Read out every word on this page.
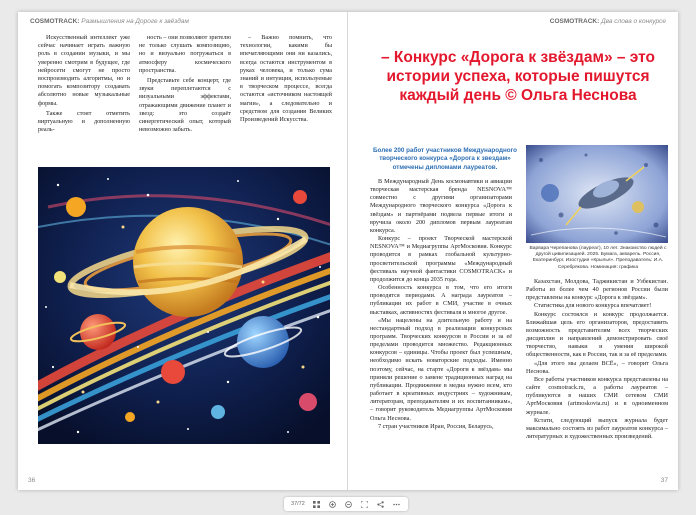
COSMOTRACK: Размышления на Дороге к звёздам

Искусственный интеллект уже сейчас начинает играть важную роль в создании музыки, и мы уверенно смотрим в будущее, где нейросети смогут не просто воспроизводить алгоритмы, но и помогать композитору создавать абсолютно новые музыкальные формы.

Также стоит отметить виртуальную и дополненную реаль-

ность – они позволяют зрителю не только слушать композицию, но и визуально погружаться в атмосферу космического пространства.

Представьте себе концерт, где звуки переплетаются с визуальными эффектами, отражающими движение планет и звезд: это создаёт синергетический опыт, который невозможно забыть.

– Важно помнить, что технологии, какими бы впечатляющими они ни казались, всегда остаются инструментом в руках человека, и только сума знаний и интуиция, используемые в творческом процессе, всегда остаются «источником настоящей магии», а следовательно и средством для создания Великих Произведений Искусства.

36
COSMOTRACK: Два слова о конкурсе
– Конкурс «Дорога к звёздам» – это истории успеха, которые пишутся каждый день © Ольга Неснова
Более 200 работ участников Международного творческого конкурса «Дорога к звездам» отмечены дипломами лауреатов.
Варвара Черепанова (лауреат), 10 лет. Знакомство людей с другой цивилизацией. 2025. Бумага, акварель. Россия, Екатеринбург. Изостудия «Крылья». Преподаватель: И.А. Серебрякова. Номинация: графика

В Международный День космонавтики и авиации творческая мастерская бренда NESNOVA™ совместно с другими организаторами Международного творческого конкурса «Дорога к звёздам» и партнёрами подвела первые итоги и вручила около 200 дипломов первым лауреатам конкурса.

Конкурс – проект Творческой мастерской NESNOVA™ и Медиагруппы АртМосковия. Конкурс проводится в рамках глобальной культурно-просветительской программы «Международный фестиваль научной фантастики COSMOTRACK» и продолжится до конца 2035 года.

Особенность конкурса в том, что его итоги проводятся периодами. А награда лауреатов – публикации их работ в СМИ, участие в очных выставках, активностях фестиваля и многое другое.

«Мы нацелены на длительную работу и на нестандартный подход в реализации конкурсных программ. Творческих конкурсов в России и за её пределами проводится множество. Редакционных конкурсов – единицы. Чтобы проект был успешным, необходимо искать новаторские подходы. Именно поэтому, сейчас, на старте «Дороги к звёздам» мы приняли решение о замене традиционных наград на публикации. Продвижение в медиа нужно всем, кто работает в креативных индустриях – художникам, литераторам, преподавателям и их воспитанникам», – говорит руководитель Медиагруппы АртМосковия Ольга Неснова.

7 стран участников Иран, Россия, Беларусь,

Казахстан, Молдова, Таджикистан и Узбекистан. Работы из более чем 40 регионов России были представлены на конкурс «Дорога к звёздам».

Статистика для нового конкурса впечатляет!

Конкурс состоялся и конкурс продолжается. Ближайшая цель его организаторов, предоставить возможность представителям всех творческих дисциплин и направлений демонстрировать своё творчество, навыки и умения широкой общественности, как в России, так и за её пределами.

«Для этого мы делаем ВСЁ», – говорит Ольга Неснова.

Все работы участников конкурса представлены на сайте cosmotrack.ru, а работы лауреатов – публикуются в наших СМИ сетевом СМИ АртМосковия (artmoskovia.ru) и в одноименном журнале.

Кстати, следующий выпуск журнала будет максимально состоять из работ лауреатов конкурса – литературных и художественных произведений.

37
37/72
